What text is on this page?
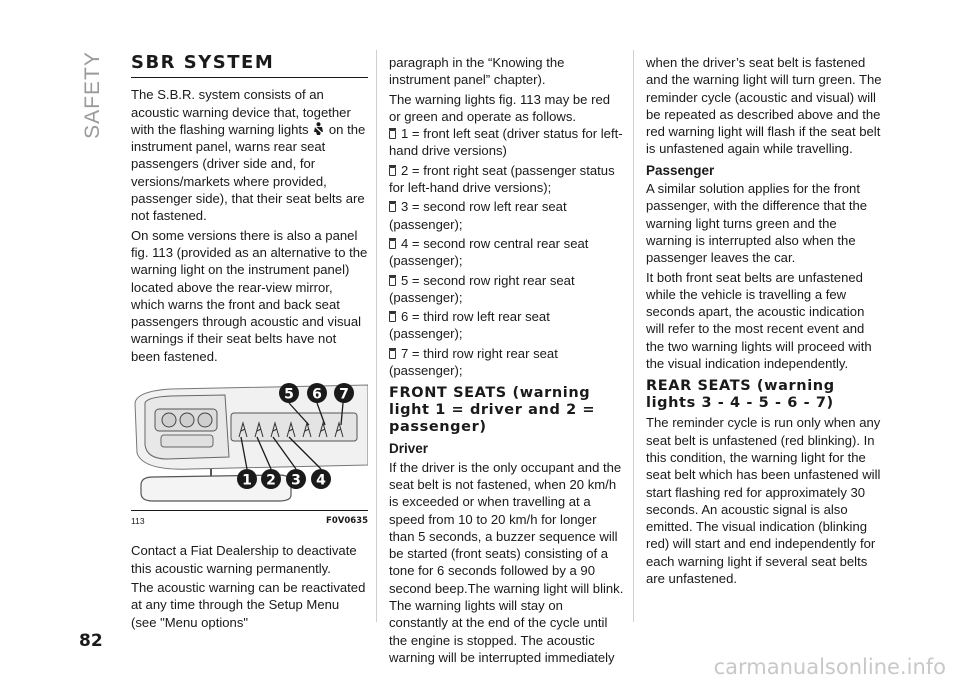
SAFETY
82
SBR SYSTEM

The S.B.R. system consists of an acoustic warning device that, together with the flashing warning lights on the instrument panel, warns rear seat passengers (driver side and, for versions/markets where provided, passenger side), that their seat belts are not fastened.

On some versions there is also a panel fig. 113 (provided as an alternative to the warning light on the instrument panel) located above the rear-view mirror, which warns the front and back seat passengers through acoustic and visual warnings if their seat belts have not been fastened.

5 6 7
1 2 3 4
113	F0V0635

Contact a Fiat Dealership to deactivate this acoustic warning permanently.

The acoustic warning can be reactivated at any time through the Setup Menu (see "Menu options"

paragraph in the “Knowing the instrument panel” chapter).

The warning lights fig. 113 may be red or green and operate as follows.

1 = front left seat (driver status for left-hand drive versions)

2 = front right seat (passenger status for left-hand drive versions);

3 = second row left rear seat (passenger);

4 = second row central rear seat (passenger);

5 = second row right rear seat (passenger);

6 = third row left rear seat (passenger);

7 = third row right rear seat (passenger);

FRONT SEATS (warning light 1 = driver and 2 = passenger)
Driver

If the driver is the only occupant and the seat belt is not fastened, when 20 km/h is exceeded or when travelling at a speed from 10 to 20 km/h for longer than 5 seconds, a buzzer sequence will be started (front seats) consisting of a tone for 6 seconds followed by a 90 second beep.The warning light will blink. The warning lights will stay on constantly at the end of the cycle until the engine is stopped. The acoustic warning will be interrupted immediately

when the driver’s seat belt is fastened and the warning light will turn green. The reminder cycle (acoustic and visual) will be repeated as described above and the red warning light will flash if the seat belt is unfastened again while travelling.

Passenger

A similar solution applies for the front passenger, with the difference that the warning light turns green and the warning is interrupted also when the passenger leaves the car.

It both front seat belts are unfastened while the vehicle is travelling a few seconds apart, the acoustic indication will refer to the most recent event and the two warning lights will proceed with the visual indication independently.

REAR SEATS (warning lights 3 - 4 - 5 - 6 - 7)

The reminder cycle is run only when any seat belt is unfastened (red blinking). In this condition, the warning light for the seat belt which has been unfastened will start flashing red for approximately 30 seconds. An acoustic signal is also emitted. The visual indication (blinking red) will start and end independently for each warning light if several seat belts are unfastened.

carmanualsonline.info
